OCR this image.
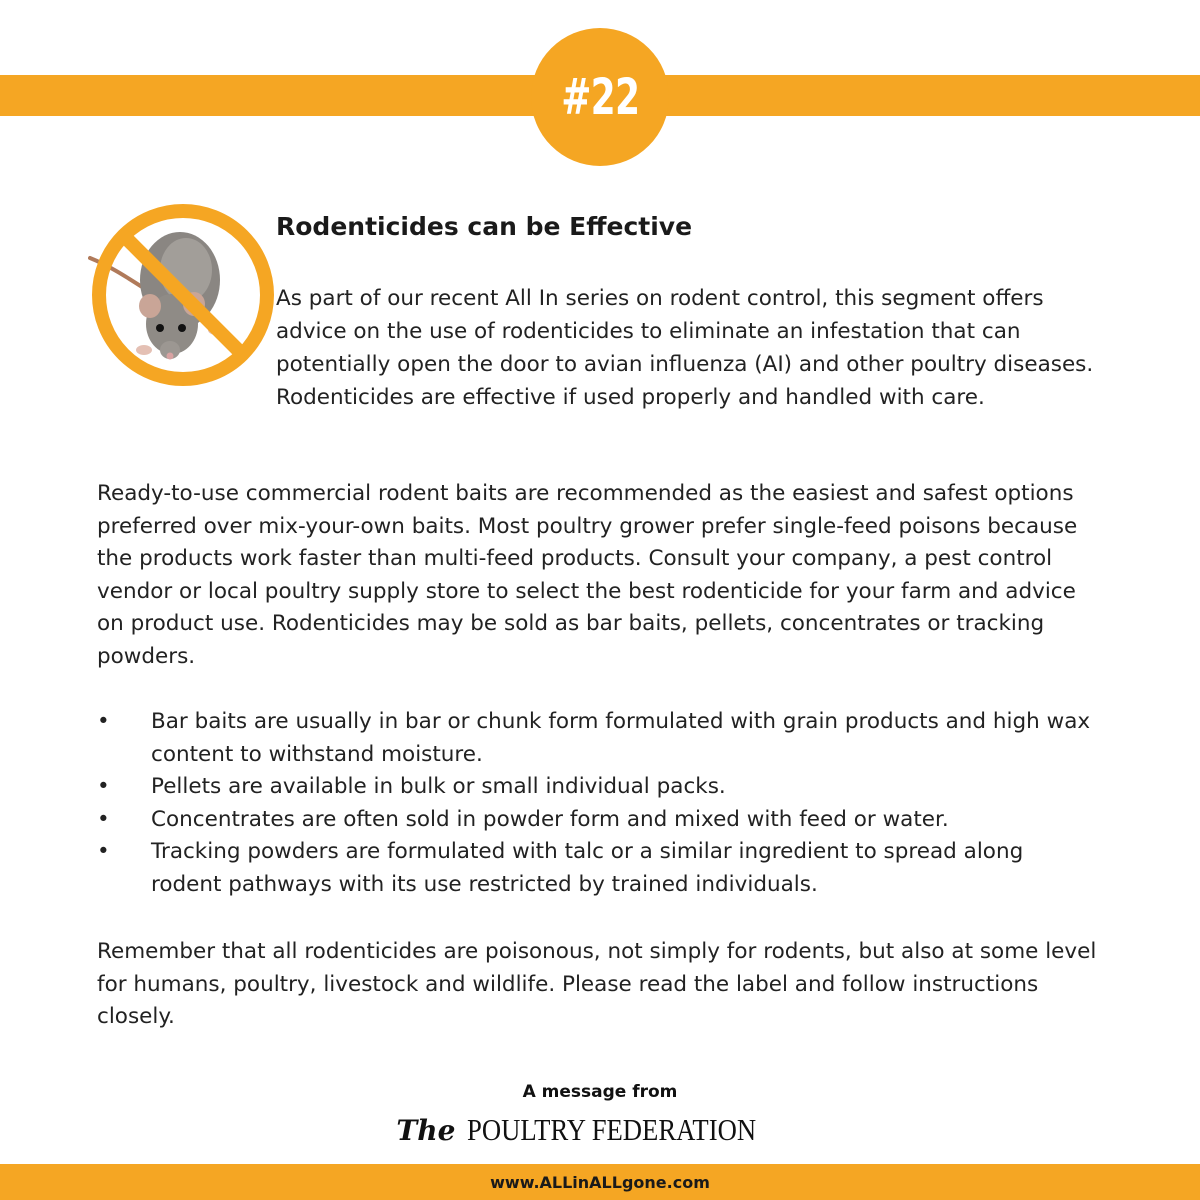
#22
Rodenticides can be Effective
As part of our recent All In series on rodent control, this segment offers advice on the use of rodenticides to eliminate an infestation that can potentially open the door to avian influenza (AI) and other poultry diseases. Rodenticides are effective if used properly and handled with care.
Ready-to-use commercial rodent baits are recommended as the easiest and safest options preferred over mix-your-own baits. Most poultry grower prefer single-feed poisons because the products work faster than multi-feed products. Consult your company, a pest control vendor or local poultry supply store to select the best rodenticide for your farm and advice on product use. Rodenticides may be sold as bar baits, pellets, concentrates or tracking powders.
•	Bar baits are usually in bar or chunk form formulated with grain products and high wax content to withstand moisture.
•	Pellets are available in bulk or small individual packs.
•	Concentrates are often sold in powder form and mixed with feed or water.
•	Tracking powders are formulated with talc or a similar ingredient to spread along rodent pathways with its use restricted by trained individuals.
Remember that all rodenticides are poisonous, not simply for rodents, but also at some level for humans, poultry, livestock and wildlife. Please read the label and follow instructions closely.
A message from
The POULTRY FEDERATION
www.ALLinALLgone.com
